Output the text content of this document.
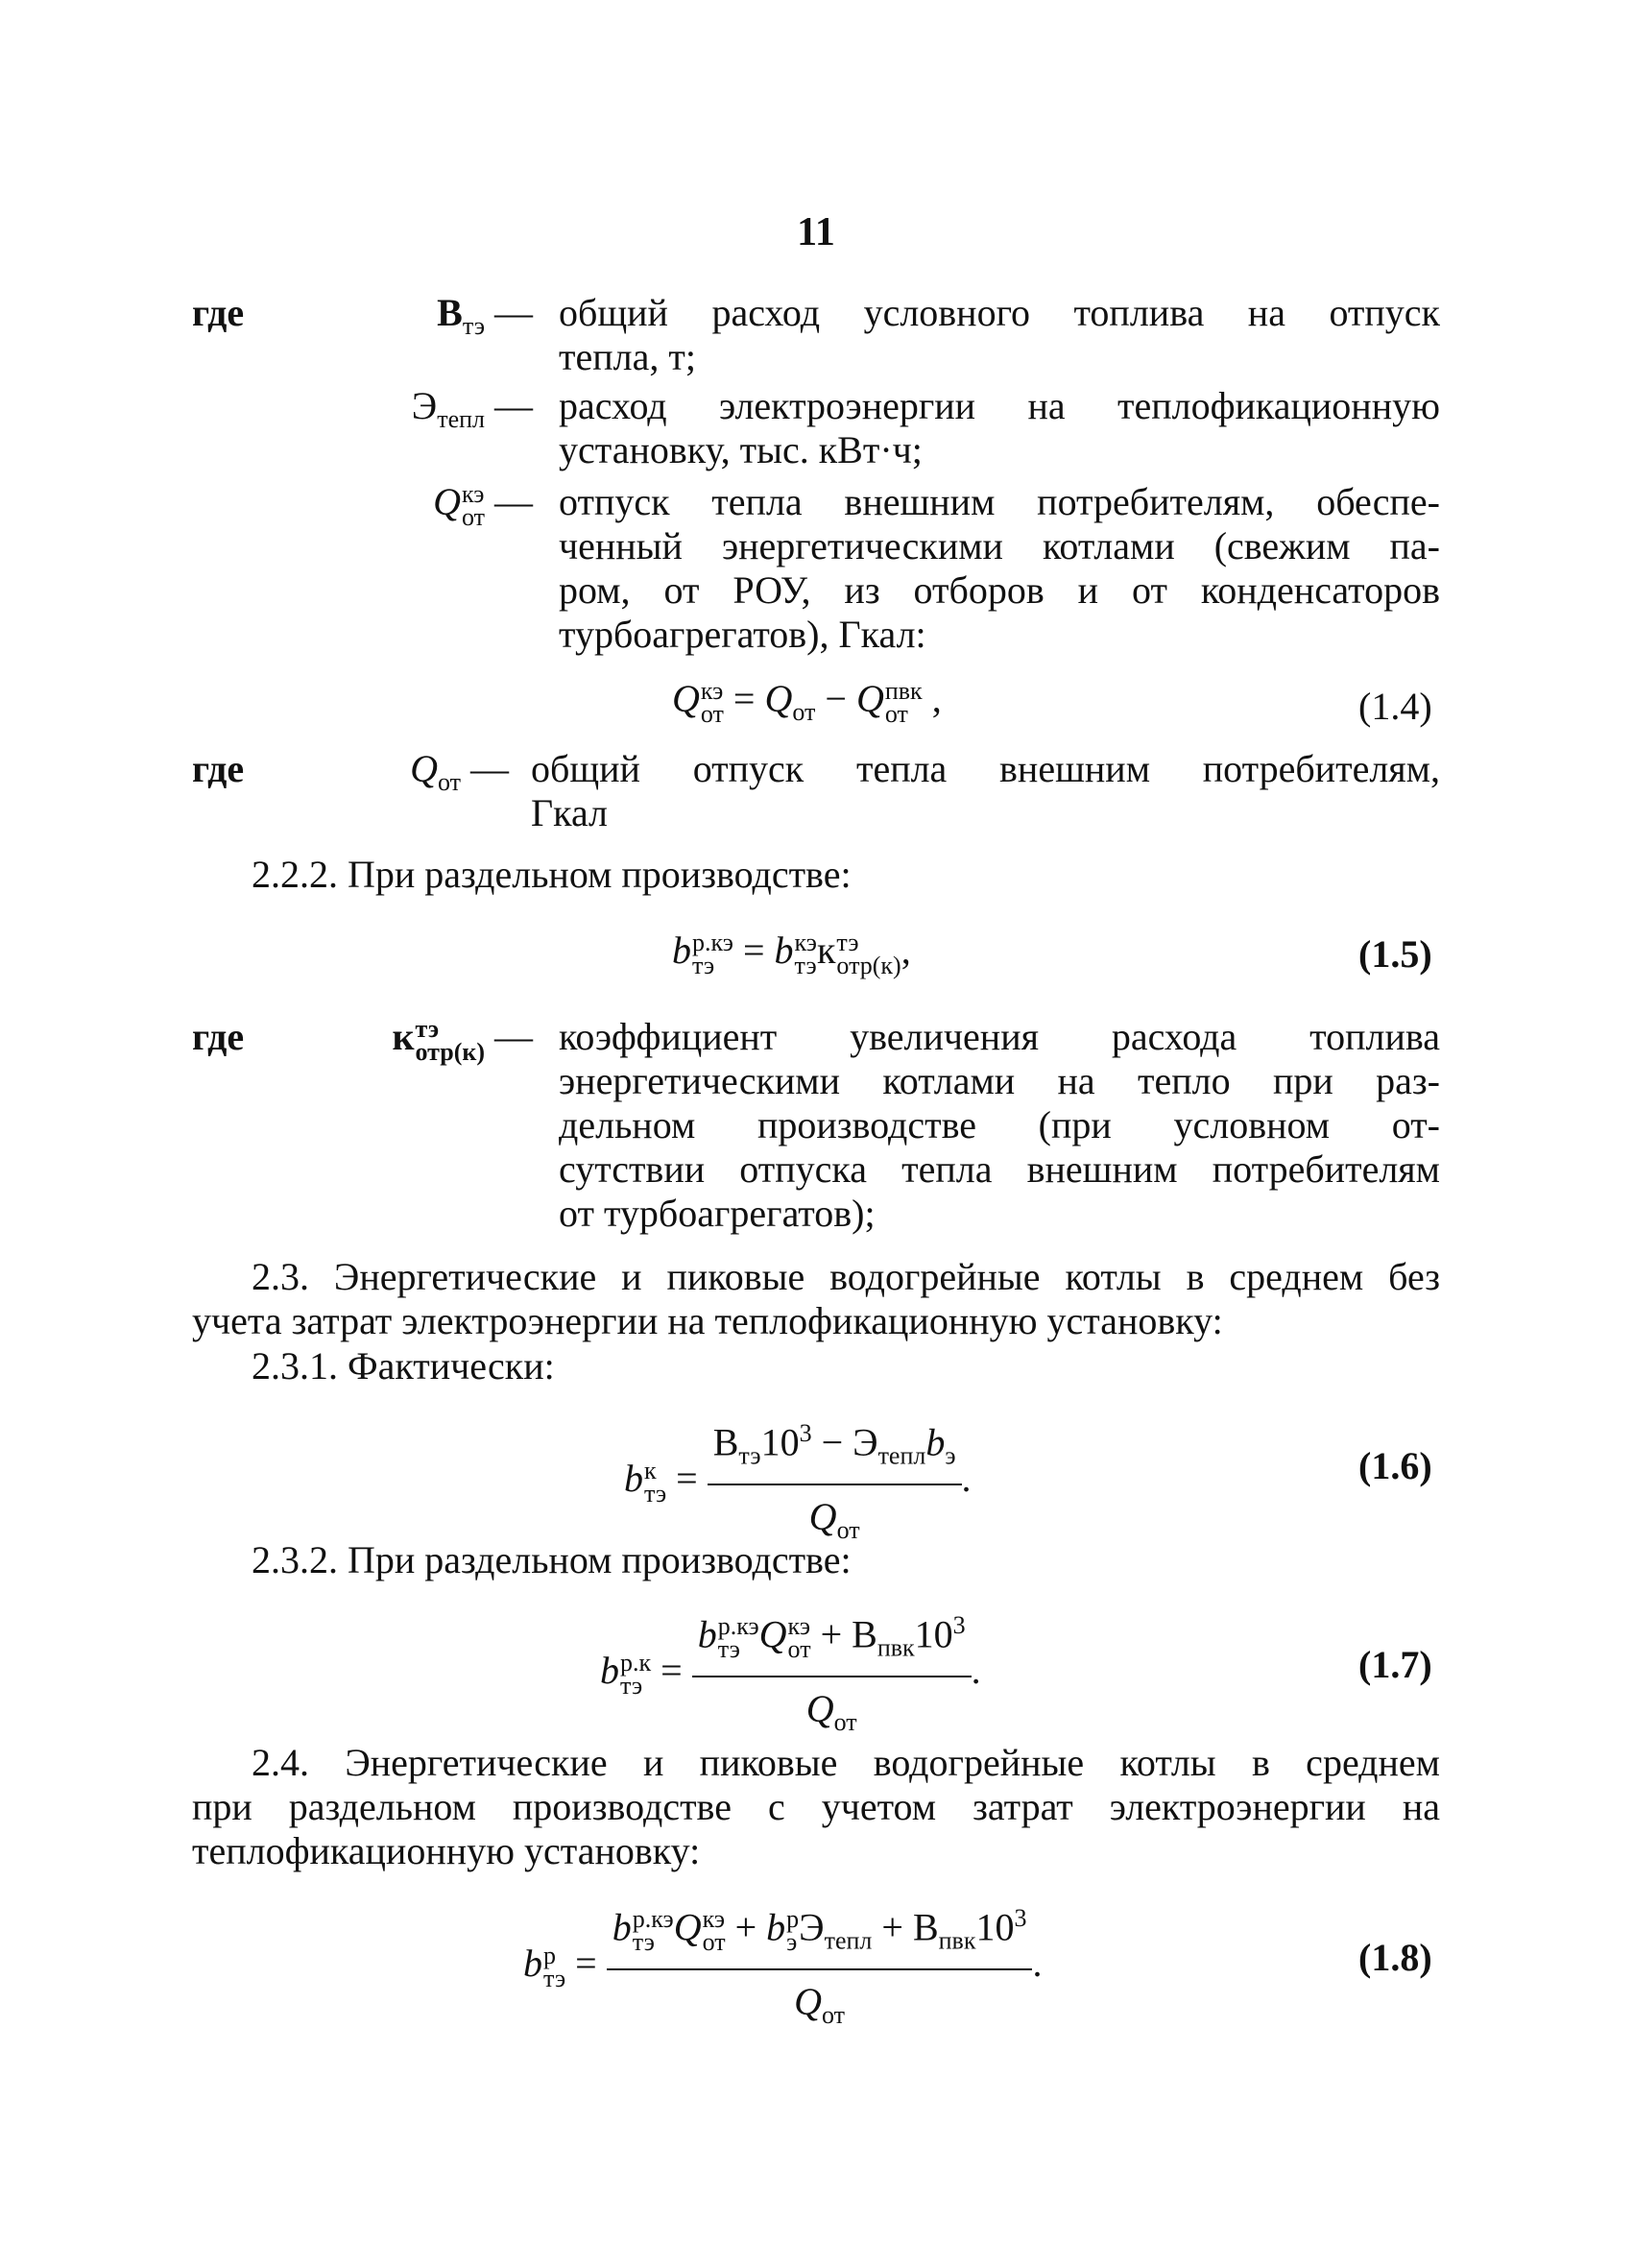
11
где	$В_{тэ}$ — общий расход условного топлива на отпуск
тепла, т;
$Э_{тепл}$ — расход электроэнергии на теплофикационную
установку, тыс. кВт·ч;
Q кэ
от — отпуск тепла внешним потребителям, обеспе-
ченный энергетическими котлами (свежим па-
ром, от РОУ, из отборов и от конденсаторов
турбоагрегатов), Гкал:
Q кэ
от = $Q_{от} - Q$ пвк
от ,	(1.4)
где	$Q_{от}$ — общий отпуск тепла внешним потребителям,
Гкал
2.2.2. При раздельном производстве:
b р.кэ
тэ = b кэ
тэ к тэ
отр(к) ,	(1.5)
где	к тэ
отр(к) — коэффициент увеличения расхода топлива
энергетическими котлами на тепло при раз-
дельном производстве (при условном от-
сутствии отпуска тепла внешним потребителям
от турбоагрегатов);
2.3. Энергетические и пиковые водогрейные котлы в среднем без
учета затрат электроэнергии на теплофикационную установку:
2.3.1. Фактически:
b к
тэ = $\frac{В_{тэ}10^3 - Э_{тепл}b_э}{Q_{от}}$ .	(1.6)
2.3.2. При раздельном производстве:
b р.к
тэ = b р.кэ
тэ Q кэ
от + $В_{пвк}10^3$
$Q_{от}$ .	(1.7)
2.4. Энергетические и пиковые водогрейные котлы в среднем
при раздельном производстве с учетом затрат электроэнергии на
теплофикационную установку:
b р
тэ = b р.кэ
тэ Q кэ
от + b р
э $Э_{тепл} + В_{пвк}10^3$
$Q_{от}$ .	(1.8)
